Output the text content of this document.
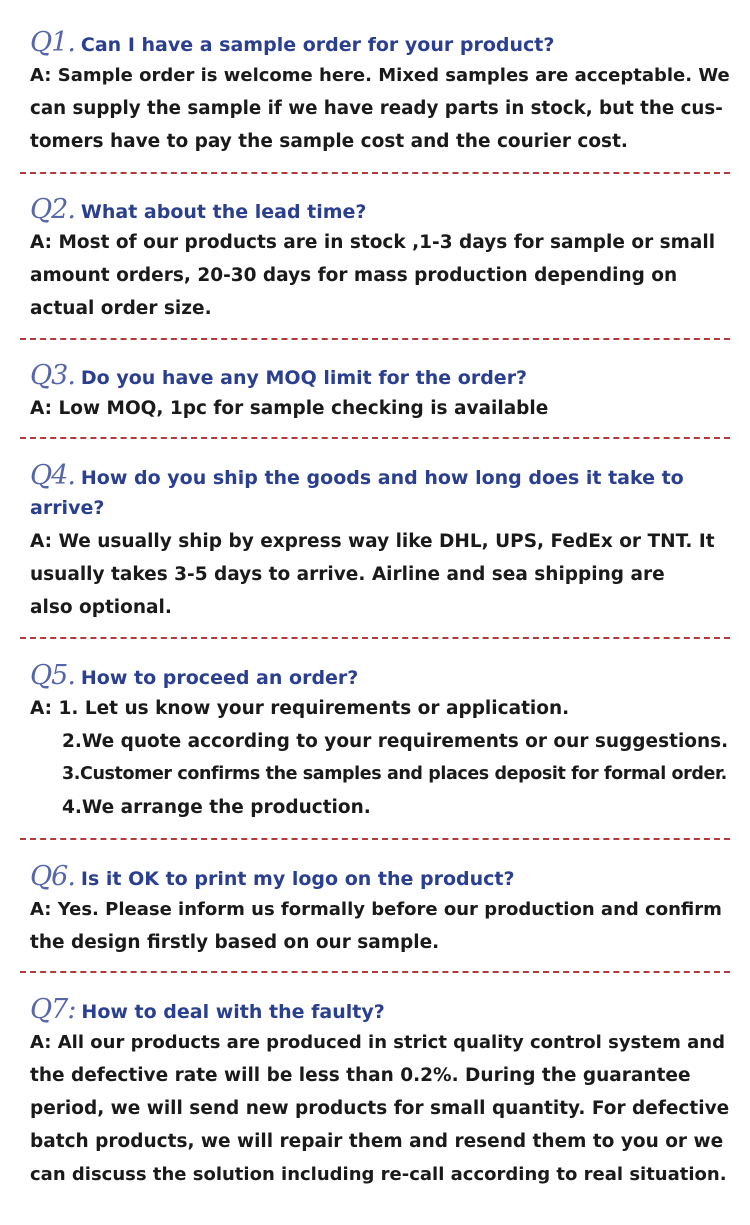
Q1. Can I have a sample order for your product?
A: Sample order is welcome here. Mixed samples are acceptable. We
can supply the sample if we have ready parts in stock, but the cus-
tomers have to pay the sample cost and the courier cost.
Q2. What about the lead time?
A: Most of our products are in stock ,1-3 days for sample or small
amount orders, 20-30 days for mass production depending on
actual order size.
Q3. Do you have any MOQ limit for the order?
A: Low MOQ, 1pc for sample checking is available
Q4. How do you ship the goods and how long does it take to
arrive?
A: We usually ship by express way like DHL, UPS, FedEx or TNT. It
usually takes 3-5 days to arrive. Airline and sea shipping are
also optional.
Q5. How to proceed an order?
A: 1. Let us know your requirements or application.
2.We quote according to your requirements or our suggestions.
3.Customer confirms the samples and places deposit for formal order.
4.We arrange the production.
Q6. Is it OK to print my logo on the product?
A: Yes. Please inform us formally before our production and confirm
the design firstly based on our sample.
Q7: How to deal with the faulty?
A: All our products are produced in strict quality control system and
the defective rate will be less than 0.2%. During the guarantee
period, we will send new products for small quantity. For defective
batch products, we will repair them and resend them to you or we
can discuss the solution including re-call according to real situation.
